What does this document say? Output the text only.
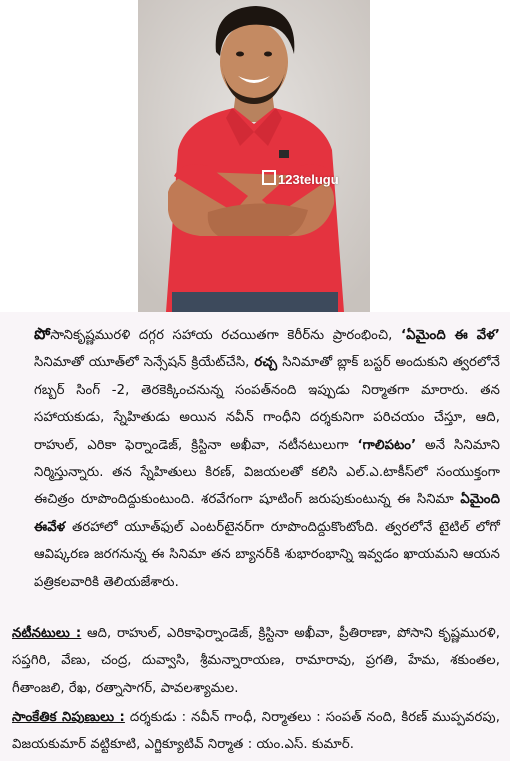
123telugu

పోసానికృష్ణమురళి దగ్గర సహాయ రచయితగా కెరీర్‌ను ప్రారంభించి, ‘ఏమైంది ఈ వేళ’ సినిమాతో యూత్‌లో సెన్సేషన్ క్రియేట్‌చేసి, రచ్చ సినిమాతో బ్లాక్ బస్టర్ అందుకుని త్వరలోనే గబ్బర్ సింగ్ -2, తెరకెక్కించనున్న సంపత్‌నంది ఇప్పుడు నిర్మాతగా మారారు. తన సహాయకుడు, స్నేహితుడు అయిన నవీన్ గాంధీని దర్శకునిగా పరిచయం చేస్తూ, ఆది, రాహుల్, ఎరికా ఫెర్నాండెజ్, క్రిస్టినా అఖీవా, నటీనటులుగా ‘గాలిపటం’ అనే సినిమాని నిర్మిస్తున్నారు. తన స్నేహితులు కిరణ్, విజయలతో కలిసి ఎల్.ఎ.టాకీస్‌లో సంయుక్తంగా ఈచిత్రం రూపొందిద్దుకుంటుంది. శరవేగంగా షూటింగ్ జరుపుకుంటున్న ఈ సినిమా ఏమైంది ఈవేళ తరహాలో యూత్‌ఫుల్ ఎంటర్‌టైనర్‌గా రూపొందిద్దుకొంటోంది. త్వరలోనే టైటిల్ లోగో ఆవిష్కరణ జరగనున్న ఈ సినిమా తన బ్యానర్‌కి శుభారంభాన్ని ఇవ్వడం ఖాయమని ఆయన పత్రికలవారికి తెలియజేశారు.

నటీనటులు : ఆది, రాహుల్, ఎరికాఫెర్నాండెజ్, క్రిస్టినా అఖీవా, ప్రీతిరాణా, పోసాని కృష్ణమురళి, సప్తగిరి, వేణు, చంద్ర, దువ్వాసి, శ్రీమన్నారాయణ, రామారావు, ప్రగతి, హేమ, శకుంతల, గీతాంజలి, రేఖ, రత్నాసాగర్, పావలశ్యామల.

సాంకేతిక నిపుణులు : దర్శకుడు : నవీన్ గాంధీ, నిర్మాతలు : సంపత్ నంది, కిరణ్ ముప్పవరపు, విజయకుమార్ వట్టికూటి, ఎగ్జిక్యూటివ్ నిర్మాత : యం.ఎస్. కుమార్.
